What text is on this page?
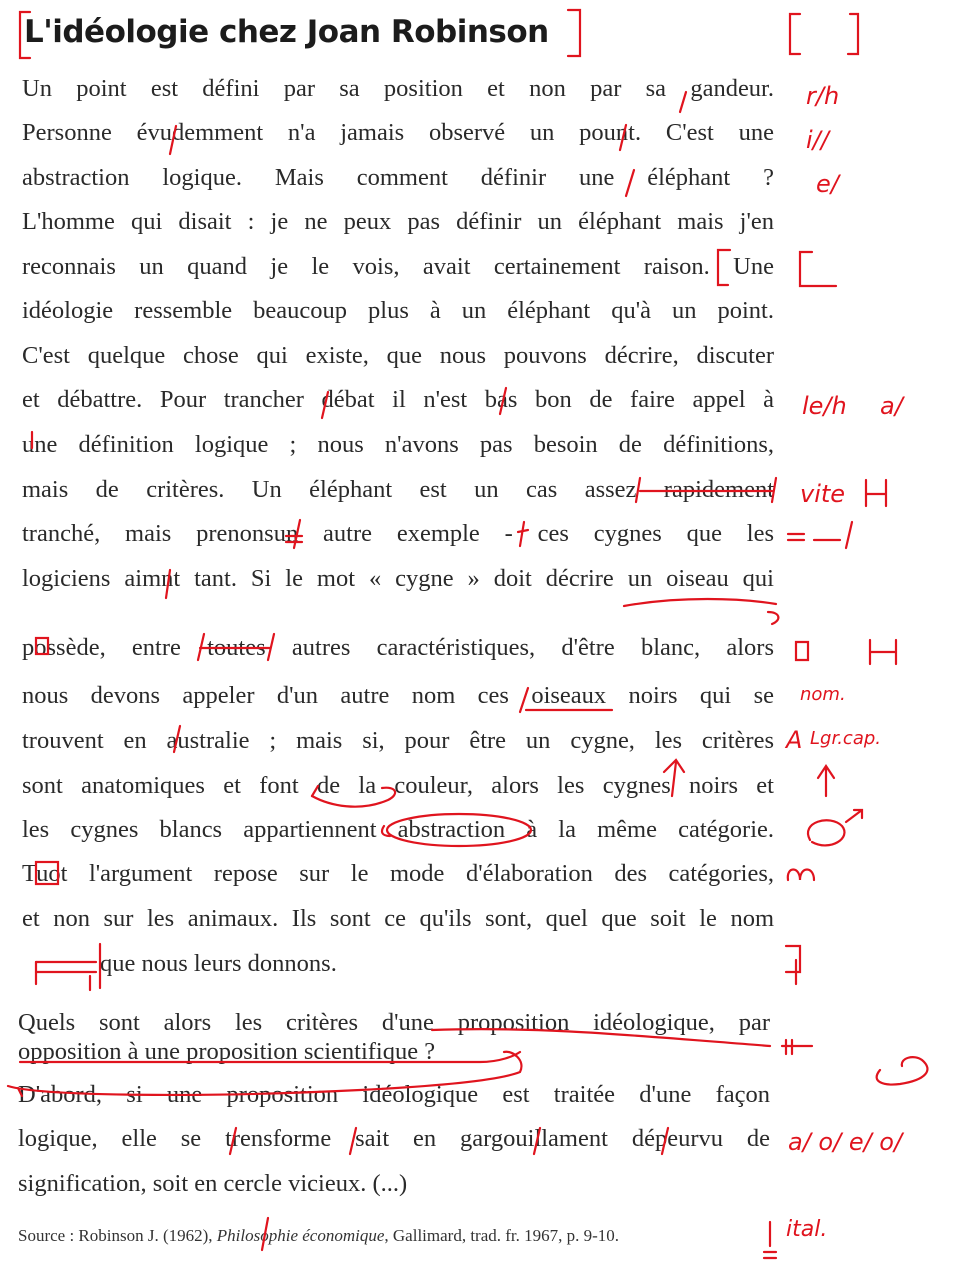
L'idéologie chez Joan Robinson
Un point est défini par sa position et non par sa gandeur.
Personne évudemment n'a jamais observé un pount. C'est une
abstraction logique. Mais comment définir une éléphant ?
L'homme qui disait : je ne peux pas définir un éléphant mais j'en
reconnais un quand je le vois, avait certainement raison. Une
idéologie ressemble beaucoup plus à un éléphant qu'à un point.
C'est quelque chose qui existe, que nous pouvons décrire, discuter
et débattre. Pour trancher débat il n'est bas bon de faire appel à
une définition logique ; nous n'avons pas besoin de définitions,
mais de critères. Un éléphant est un cas assez rapidement
tranché, mais prenonsun autre exemple - ces cygnes que les
logiciens aimnt tant. Si le mot « cygne » doit décrire un oiseau qui
possède, entre toutes autres caractéristiques, d'être blanc, alors
nous devons appeler d'un autre nom ces oiseaux noirs qui se
trouvent en australie ; mais si, pour être un cygne, les critères
sont anatomiques et font de la couleur, alors les cygnes noirs et
les cygnes blancs appartiennent abstraction à la même catégorie.
Tuot l'argument repose sur le mode d'élaboration des catégories,
et non sur les animaux. Ils sont ce qu'ils sont, quel que soit le nom
que nous leurs donnons.
Quels sont alors les critères d'une proposition idéologique, par
opposition à une proposition scientifique ?
D'abord, si une proposition idéologique est traitée d'une façon
logique, elle se trensforme sait en gargouillament dépeurvu de
signification, soit en cercle vicieux. (...)
Source : Robinson J. (1962), Philosophie économique, Gallimard, trad. fr. 1967, p. 9-10.
r/h
i//
e/
le/h a/
vite
nom.
Lgr.cap.
A
a/ o/ e/ o/
ital.
